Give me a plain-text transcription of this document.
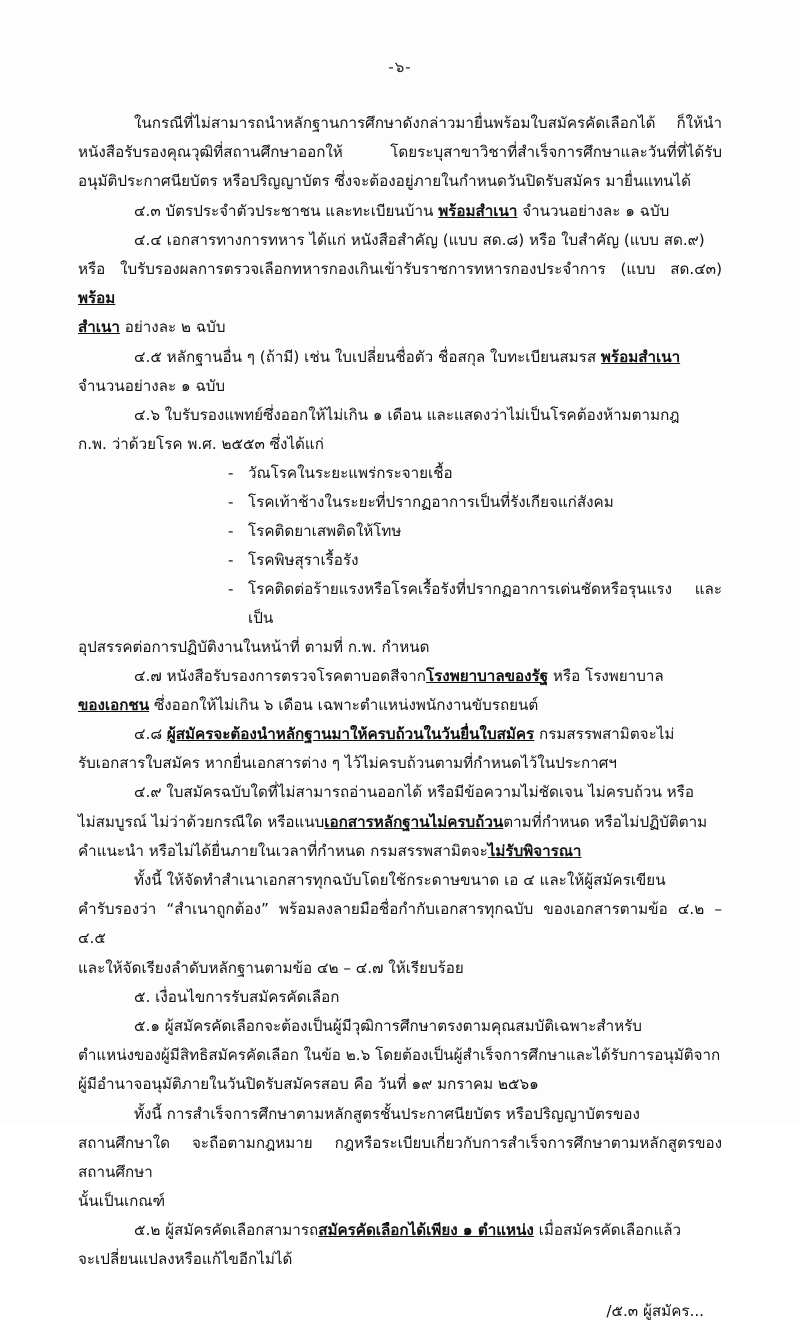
-๖-

ในกรณีที่ไม่สามารถนำหลักฐานการศึกษาดังกล่าวมายื่นพร้อมใบสมัครคัดเลือกได้ ก็ให้นำหนังสือรับรองคุณวุฒิที่สถานศึกษาออกให้ โดยระบุสาขาวิชาที่สำเร็จการศึกษาและวันที่ที่ได้รับ อนุมัติประกาศนียบัตร หรือปริญญาบัตร ซึ่งจะต้องอยู่ภายในกำหนดวันปิดรับสมัคร มายื่นแทนได้

๔.๓ บัตรประจำตัวประชาชน และทะเบียนบ้าน พร้อมสำเนา จำนวนอย่างละ ๑ ฉบับ

๔.๔ เอกสารทางการทหาร ได้แก่ หนังสือสำคัญ (แบบ สด.๘) หรือ ใบสำคัญ (แบบ สด.๙)

หรือ ใบรับรองผลการตรวจเลือกทหารกองเกินเข้ารับราชการทหารกองประจำการ (แบบ สด.๔๓) พร้อม

สำเนา อย่างละ ๒ ฉบับ

๔.๕ หลักฐานอื่น ๆ (ถ้ามี) เช่น ใบเปลี่ยนชื่อตัว ชื่อสกุล ใบทะเบียนสมรส พร้อมสำเนา

จำนวนอย่างละ ๑ ฉบับ

๔.๖ ใบรับรองแพทย์ซึ่งออกให้ไม่เกิน ๑ เดือน และแสดงว่าไม่เป็นโรคต้องห้ามตามกฎ

ก.พ. ว่าด้วยโรค พ.ศ. ๒๕๕๓ ซึ่งได้แก่

- วัณโรคในระยะแพร่กระจายเชื้อ
- โรคเท้าช้างในระยะที่ปรากฏอาการเป็นที่รังเกียจแก่สังคม
- โรคติดยาเสพติดให้โทษ
- โรคพิษสุราเรื้อรัง
- โรคติดต่อร้ายแรงหรือโรคเรื้อรังที่ปรากฏอาการเด่นชัดหรือรุนแรง และเป็น

อุปสรรคต่อการปฏิบัติงานในหน้าที่ ตามที่ ก.พ. กำหนด

๔.๗ หนังสือรับรองการตรวจโรคตาบอดสีจากโรงพยาบาลของรัฐ หรือ โรงพยาบาล

ของเอกชน ซึ่งออกให้ไม่เกิน ๖ เดือน เฉพาะตำแหน่งพนักงานขับรถยนต์

๔.๘ ผู้สมัครจะต้องนำหลักฐานมาให้ครบถ้วนในวันยื่นใบสมัคร กรมสรรพสามิตจะไม่

รับเอกสารใบสมัคร หากยื่นเอกสารต่าง ๆ ไว้ไม่ครบถ้วนตามที่กำหนดไว้ในประกาศฯ

๔.๙ ใบสมัครฉบับใดที่ไม่สามารถอ่านออกได้ หรือมีข้อความไม่ชัดเจน ไม่ครบถ้วน หรือ

ไม่สมบูรณ์ ไม่ว่าด้วยกรณีใด หรือแนบเอกสารหลักฐานไม่ครบถ้วนตามที่กำหนด หรือไม่ปฏิบัติตาม

คำแนะนำ หรือไม่ได้ยื่นภายในเวลาที่กำหนด กรมสรรพสามิตจะไม่รับพิจารณา

ทั้งนี้ ให้จัดทำสำเนาเอกสารทุกฉบับโดยใช้กระดาษขนาด เอ ๔ และให้ผู้สมัครเขียน

คำรับรองว่า “สำเนาถูกต้อง” พร้อมลงลายมือชื่อกำกับเอกสารทุกฉบับ ของเอกสารตามข้อ ๔.๒ – ๔.๕

และให้จัดเรียงลำดับหลักฐานตามข้อ ๔๒ – ๔.๗ ให้เรียบร้อย

๕. เงื่อนไขการรับสมัครคัดเลือก

๕.๑ ผู้สมัครคัดเลือกจะต้องเป็นผู้มีวุฒิการศึกษาตรงตามคุณสมบัติเฉพาะสำหรับ

ตำแหน่งของผู้มีสิทธิสมัครคัดเลือก ในข้อ ๒.๖ โดยต้องเป็นผู้สำเร็จการศึกษาและได้รับการอนุมัติจาก

ผู้มีอำนาจอนุมัติภายในวันปิดรับสมัครสอบ คือ วันที่ ๑๙ มกราคม ๒๕๖๑

ทั้งนี้ การสำเร็จการศึกษาตามหลักสูตรชั้นประกาศนียบัตร หรือปริญญาบัตรของ

สถานศึกษาใด จะถือตามกฎหมาย กฎหรือระเบียบเกี่ยวกับการสำเร็จการศึกษาตามหลักสูตรของสถานศึกษา

นั้นเป็นเกณฑ์

๕.๒ ผู้สมัครคัดเลือกสามารถสมัครคัดเลือกได้เพียง ๑ ตำแหน่ง เมื่อสมัครคัดเลือกแล้ว

จะเปลี่ยนแปลงหรือแก้ไขอีกไม่ได้

/๕.๓ ผู้สมัคร...
